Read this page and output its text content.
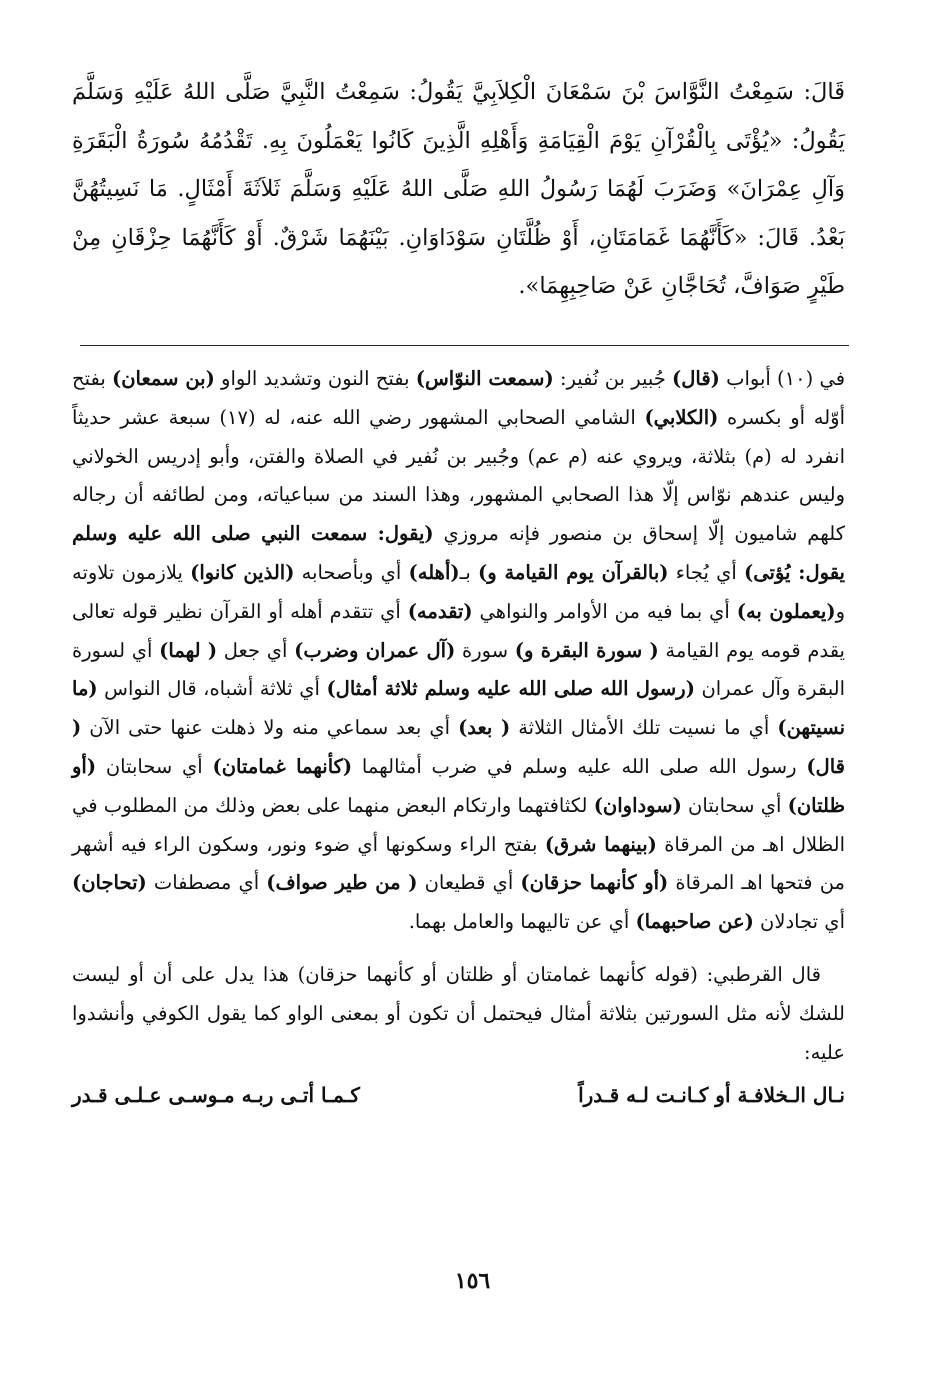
قَالَ: سَمِعْتُ النَّوَّاسَ بْنَ سَمْعَانَ الْكِلاَبِيَّ يَقُولُ: سَمِعْتُ النَّبِيَّ صَلَّى اللهُ عَلَيْهِ وَسَلَّمَ يَقُولُ: «يُؤْتَى بِالْقُرْآنِ يَوْمَ الْقِيَامَةِ وَأَهْلِهِ الَّذِينَ كَانُوا يَعْمَلُونَ بِهِ. تَقْدُمُهُ سُورَةُ الْبَقَرَةِ وَآلِ عِمْرَانَ» وَضَرَبَ لَهُمَا رَسُولُ اللهِ صَلَّى اللهُ عَلَيْهِ وَسَلَّمَ ثَلاَثَةَ أَمْثَالٍ. مَا نَسِيتُهُنَّ بَعْدُ. قَالَ: «كَأَنَّهُمَا غَمَامَتَانِ، أَوْ ظُلَّتَانِ سَوْدَاوَانِ. بَيْنَهُمَا شَرْقٌ. أَوْ كَأَنَّهُمَا حِزْقَانِ مِنْ طَيْرٍ صَوَافَّ، تُحَاجَّانِ عَنْ صَاحِبِهِمَا».

في (١٠) أبواب (قال) جُبير بن نُفير: (سمعت النوّاس) بفتح النون وتشديد الواو (بن سمعان) بفتح أوّله أو بكسره (الكلابي) الشامي الصحابي المشهور رضي الله عنه، له (١٧) سبعة عشر حديثاً انفرد له (م) بثلاثة، ويروي عنه (م عم) وجُبير بن نُفير في الصلاة والفتن، وأبو إدريس الخولاني وليس عندهم نوّاس إلّا هذا الصحابي المشهور، وهذا السند من سباعياته، ومن لطائفه أن رجاله كلهم شاميون إلّا إسحاق بن منصور فإنه مروزي (يقول: سمعت النبي صلى الله عليه وسلم يقول: يُؤتى) أي يُجاء (بالقرآن يوم القيامة و) بـ(أهله) أي وبأصحابه (الذين كانوا) يلازمون تلاوته و(يعملون به) أي بما فيه من الأوامر والنواهي (تقدمه) أي تتقدم أهله أو القرآن نظير قوله تعالى يقدم قومه يوم القيامة ( سورة البقرة و) سورة (آل عمران وضرب) أي جعل ( لهما) أي لسورة البقرة وآل عمران (رسول الله صلى الله عليه وسلم ثلاثة أمثال) أي ثلاثة أشباه، قال النواس (ما نسيتهن) أي ما نسيت تلك الأمثال الثلاثة ( بعد) أي بعد سماعي منه ولا ذهلت عنها حتى الآن ( قال) رسول الله صلى الله عليه وسلم في ضرب أمثالهما (كأنهما غمامتان) أي سحابتان (أو ظلتان) أي سحابتان (سوداوان) لكثافتهما وارتكام البعض منهما على بعض وذلك من المطلوب في الظلال اهـ من المرقاة (بينهما شرق) بفتح الراء وسكونها أي ضوء ونور، وسكون الراء فيه أشهر من فتحها اهـ المرقاة (أو كأنهما حزقان) أي قطيعان ( من طير صواف) أي مصطفات (تحاجان) أي تجادلان (عن صاحبهما) أي عن تاليهما والعامل بهما.

قال القرطبي: (قوله كأنهما غمامتان أو ظلتان أو كأنهما حزقان) هذا يدل على أن أو ليست للشك لأنه مثل السورتين بثلاثة أمثال فيحتمل أن تكون أو بمعنى الواو كما يقول الكوفي وأنشدوا عليه:

نـال الـخلافـة أو كـانـت لـه قـدراً
كـمـا أتـى ربـه مـوسـى عـلـى قـدر
١٥٦
